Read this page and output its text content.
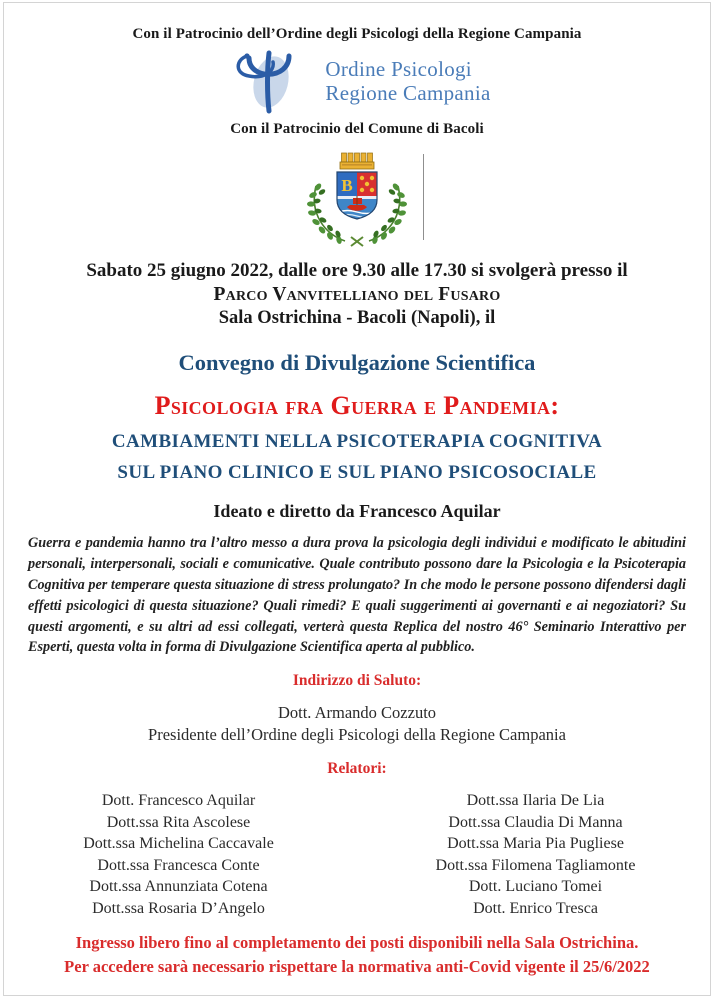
Con il Patrocinio dell’Ordine degli Psicologi della Regione Campania
Ordine Psicologi
Regione Campania
Con il Patrocinio del Comune di Bacoli
B
Sabato 25 giugno 2022, dalle ore 9.30 alle 17.30 si svolgerà presso il
Parco Vanvitelliano del Fusaro
Sala Ostrichina - Bacoli (Napoli), il
Convegno di Divulgazione Scientifica
Psicologia fra Guerra e Pandemia:
CAMBIAMENTI NELLA PSICOTERAPIA COGNITIVA
SUL PIANO CLINICO E SUL PIANO PSICOSOCIALE
Ideato e diretto da Francesco Aquilar
Guerra e pandemia hanno tra l’altro messo a dura prova la psicologia degli individui e modificato le abitudini personali, interpersonali, sociali e comunicative. Quale contributo possono dare la Psicologia e la Psicoterapia Cognitiva per temperare questa situazione di stress prolungato? In che modo le persone possono difendersi dagli effetti psicologici di questa situazione? Quali rimedi? E quali suggerimenti ai governanti e ai negoziatori? Su questi argomenti, e su altri ad essi collegati, verterà questa Replica del nostro 46° Seminario Interattivo per Esperti, questa volta in forma di Divulgazione Scientifica aperta al pubblico.
Indirizzo di Saluto:
Dott. Armando Cozzuto
Presidente dell’Ordine degli Psicologi della Regione Campania
Relatori:
Dott. Francesco Aquilar
Dott.ssa Rita Ascolese
Dott.ssa Michelina Caccavale
Dott.ssa Francesca Conte
Dott.ssa Annunziata Cotena
Dott.ssa Rosaria D’Angelo
Dott.ssa Ilaria De Lia
Dott.ssa Claudia Di Manna
Dott.ssa Maria Pia Pugliese
Dott.ssa Filomena Tagliamonte
Dott. Luciano Tomei
Dott. Enrico Tresca
Ingresso libero fino al completamento dei posti disponibili nella Sala Ostrichina.
Per accedere sarà necessario rispettare la normativa anti-Covid vigente il 25/6/2022
